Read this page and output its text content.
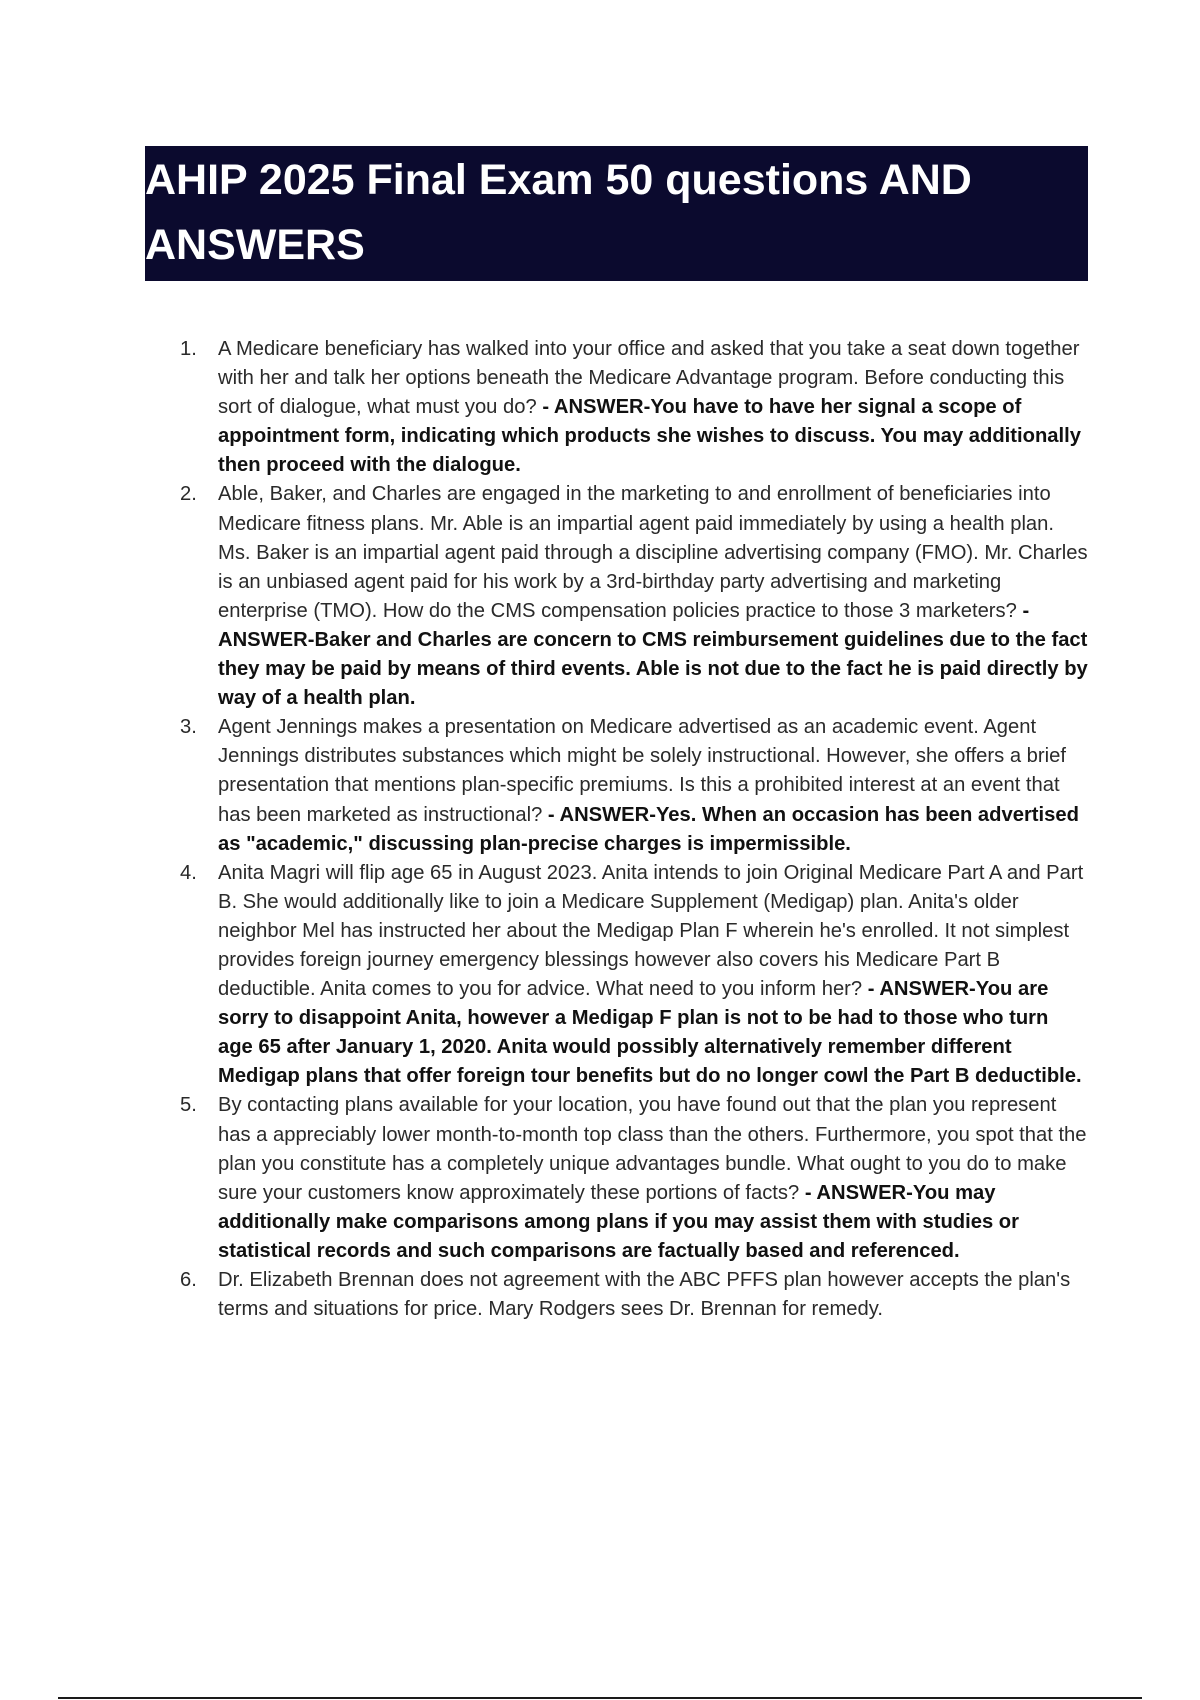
AHIP 2025 Final Exam 50 questions AND
ANSWERS
1.	A Medicare beneficiary has walked into your office and asked that you take a seat down together with her and talk her options beneath the Medicare Advantage program. Before conducting this sort of dialogue, what must you do? - ANSWER-You have to have her signal a scope of appointment form, indicating which products she wishes to discuss. You may additionally then proceed with the dialogue.
2.	Able, Baker, and Charles are engaged in the marketing to and enrollment of beneficiaries into Medicare fitness plans. Mr. Able is an impartial agent paid immediately by using a health plan. Ms. Baker is an impartial agent paid through a discipline advertising company (FMO). Mr. Charles is an unbiased agent paid for his work by a 3rd-birthday party advertising and marketing enterprise (TMO). How do the CMS compensation policies practice to those 3 marketers? - ANSWER-Baker and Charles are concern to CMS reimbursement guidelines due to the fact they may be paid by means of third events. Able is not due to the fact he is paid directly by way of a health plan.
3.	Agent Jennings makes a presentation on Medicare advertised as an academic event. Agent Jennings distributes substances which might be solely instructional. However, she offers a brief presentation that mentions plan-specific premiums. Is this a prohibited interest at an event that has been marketed as instructional? - ANSWER-Yes. When an occasion has been advertised as "academic," discussing plan-precise charges is impermissible.
4.	Anita Magri will flip age 65 in August 2023. Anita intends to join Original Medicare Part A and Part B. She would additionally like to join a Medicare Supplement (Medigap) plan. Anita's older neighbor Mel has instructed her about the Medigap Plan F wherein he's enrolled. It not simplest provides foreign journey emergency blessings however also covers his Medicare Part B deductible. Anita comes to you for advice. What need to you inform her? - ANSWER-You are sorry to disappoint Anita, however a Medigap F plan is not to be had to those who turn age 65 after January 1, 2020. Anita would possibly alternatively remember different Medigap plans that offer foreign tour benefits but do no longer cowl the Part B deductible.
5.	By contacting plans available for your location, you have found out that the plan you represent has a appreciably lower month-to-month top class than the others. Furthermore, you spot that the plan you constitute has a completely unique advantages bundle. What ought to you do to make sure your customers know approximately these portions of facts? - ANSWER-You may additionally make comparisons among plans if you may assist them with studies or statistical records and such comparisons are factually based and referenced.
6.	Dr. Elizabeth Brennan does not agreement with the ABC PFFS plan however accepts the plan's terms and situations for price. Mary Rodgers sees Dr. Brennan for remedy.
